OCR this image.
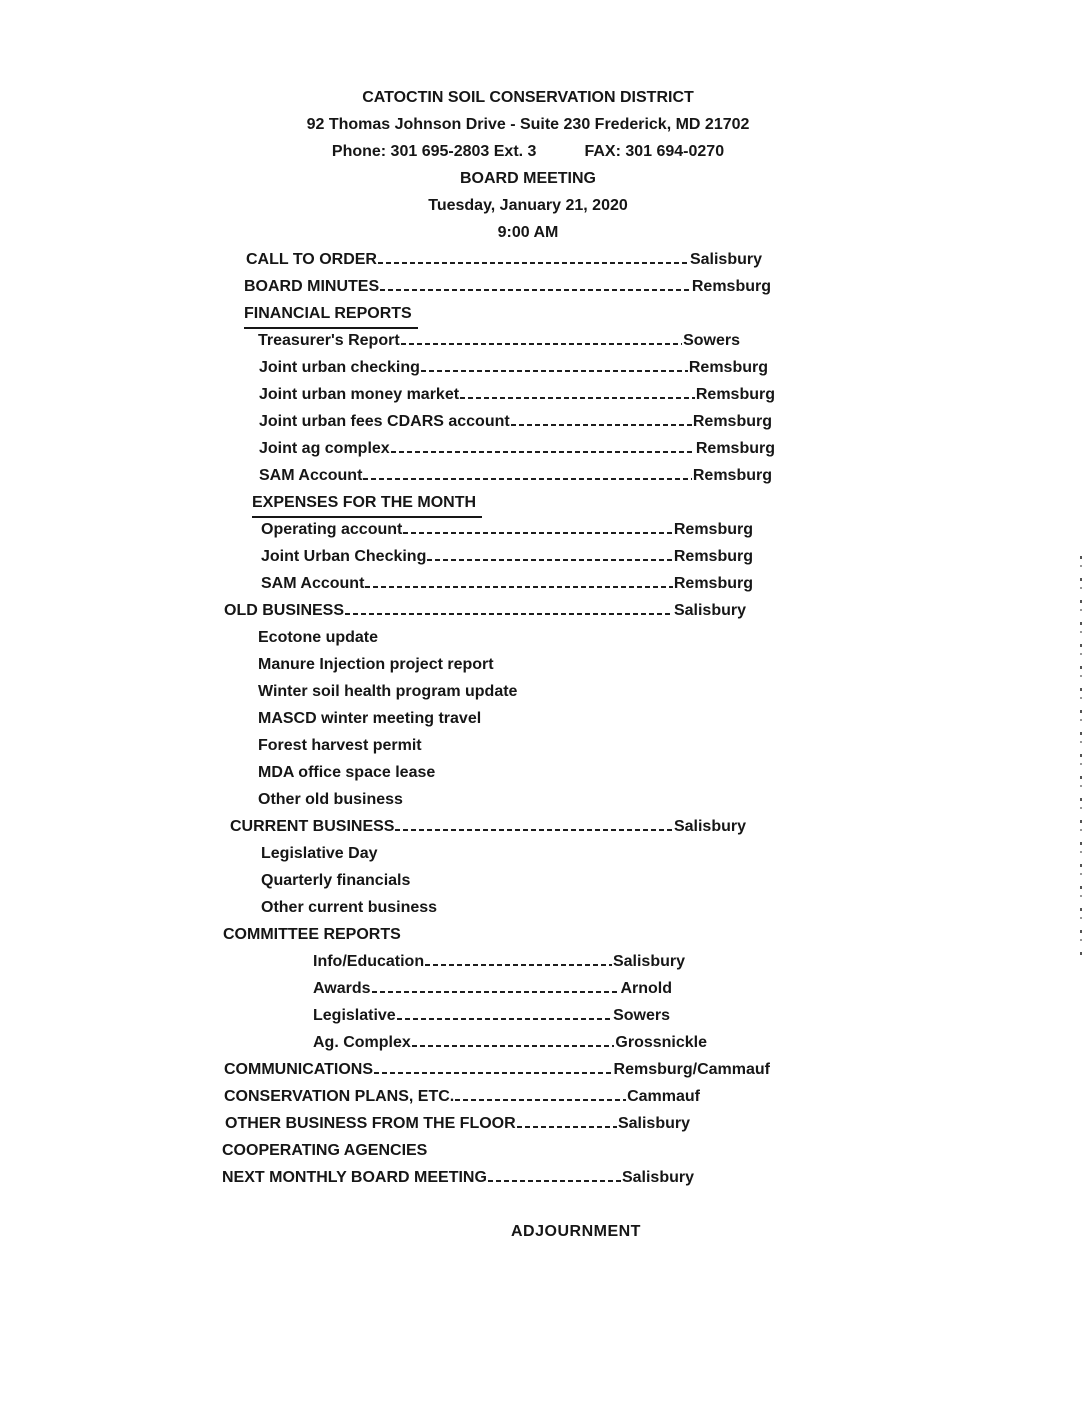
CATOCTIN SOIL CONSERVATION DISTRICT
92 Thomas Johnson Drive - Suite 230 Frederick, MD 21702
Phone: 301 695-2803 Ext. 3	FAX: 301 694-0270
BOARD MEETING
Tuesday, January 21, 2020
9:00 AM
CALL TO ORDER	Salisbury
BOARD MINUTES	Remsburg
FINANCIAL REPORTS
Treasurer's Report	Sowers
Joint urban checking	Remsburg
Joint urban money market	Remsburg
Joint urban fees CDARS account	Remsburg
Joint ag complex	Remsburg
SAM Account	Remsburg
EXPENSES FOR THE MONTH
Operating account	Remsburg
Joint Urban Checking	Remsburg
SAM Account	Remsburg
OLD BUSINESS	Salisbury
Ecotone update
Manure Injection project report
Winter soil health program update
MASCD winter meeting travel
Forest harvest permit
MDA office space lease
Other old business
CURRENT BUSINESS	Salisbury
Legislative Day
Quarterly financials
Other current business
COMMITTEE REPORTS
Info/Education	Salisbury
Awards	Arnold
Legislative	Sowers
Ag. Complex	Grossnickle
COMMUNICATIONS	Remsburg/Cammauf
CONSERVATION PLANS, ETC.	Cammauf
OTHER BUSINESS FROM THE FLOOR	Salisbury
COOPERATING AGENCIES
NEXT MONTHLY BOARD MEETING	Salisbury
ADJOURNMENT
